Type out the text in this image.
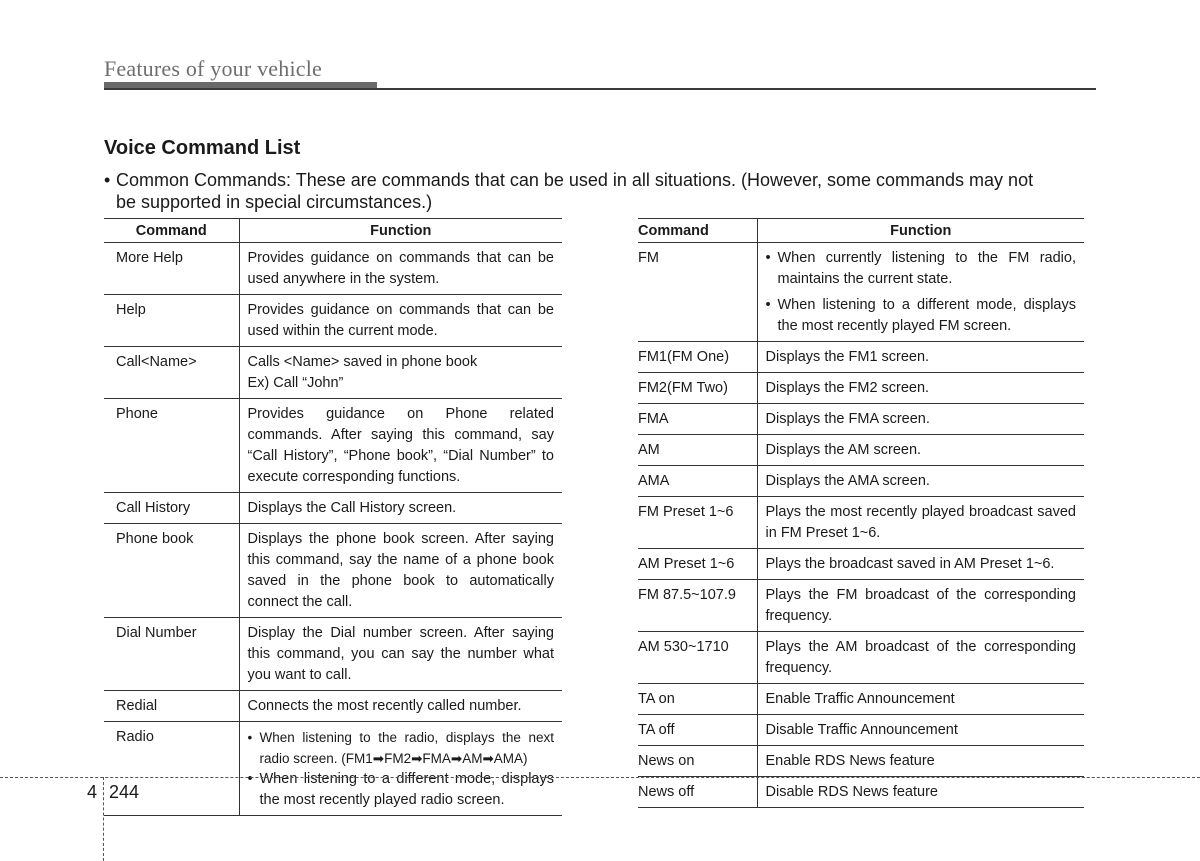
Features of your vehicle
Voice Command List
• Common Commands: These are commands that can be used in all situations. (However, some commands may not
be supported in special circumstances.)
Command	Function
More Help	Provides guidance on commands that can be used anywhere in the system.
Help	Provides guidance on commands that can be used within the current mode.
Call<Name>	Calls <Name> saved in phone book
Ex) Call “John”

Phone	Provides guidance on Phone related commands. After saying this command, say “Call History”, “Phone book”, “Dial Number” to execute corresponding functions.
Call History	Displays the Call History screen.
Phone book	Displays the phone book screen. After saying this command, say the name of a phone book saved in the phone book to automatically connect the call.
Dial Number	Display the Dial number screen. After saying this command, you can say the number what you want to call.
Redial	Connects the most recently called number.
Radio	• When listening to the radio, displays the next radio screen. (FM1➡FM2➡FMA➡AM➡AMA)
• When listening to a different mode, displays the most recently played radio screen.
Command	Function
FM	• When currently listening to the FM radio, maintains the current state.
• When listening to a different mode, displays the most recently played FM screen.

FM1(FM One)	Displays the FM1 screen.
FM2(FM Two)	Displays the FM2 screen.
FMA	Displays the FMA screen.
AM	Displays the AM screen.
AMA	Displays the AMA screen.
FM Preset 1~6	Plays the most recently played broadcast saved in FM Preset 1~6.
AM Preset 1~6	Plays the broadcast saved in AM Preset 1~6.
FM 87.5~107.9	Plays the FM broadcast of the corresponding frequency.
AM 530~1710	Plays the AM broadcast of the corresponding frequency.
TA on	Enable Traffic Announcement
TA off	Disable Traffic Announcement
News on	Enable RDS News feature
News off	Disable RDS News feature
4 244
